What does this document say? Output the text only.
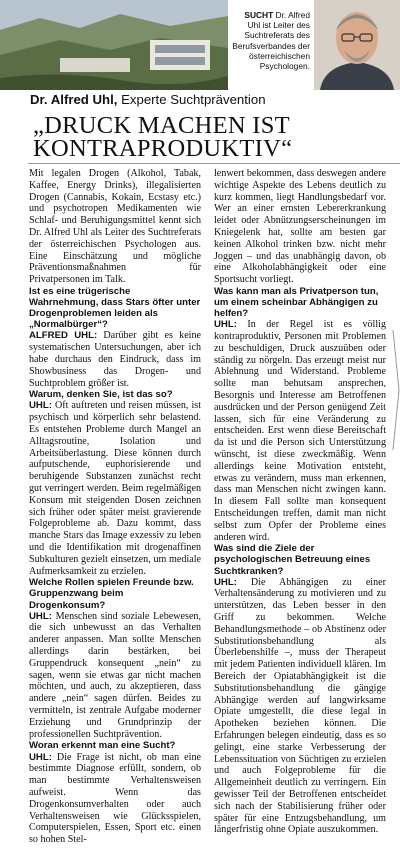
SUCHT Dr. Alfred Uhl ist Leiter des Suchtreferats des Berufsverbandes der österreichischen Psychologen.
Dr. Alfred Uhl, Experte Suchtprävention
„DRUCK MACHEN IST KONTRAPRODUKTIV“

Mit legalen Drogen (Alkohol, Tabak, Kaffee, Energy Drinks), illegalisierten Drogen (Cannabis, Kokain, Ecstasy etc.) und psychotropen Medikamenten wie Schlaf- und Beruhigungsmittel kennt sich Dr. Alfred Uhl als Leiter des Suchtreferats der österreichischen Psychologen aus. Eine Einschätzung und mögliche Präventionsmaßnahmen für Privatpersonen im Talk.

Ist es eine trügerische Wahrnehmung, dass Stars öfter unter Drogenproblemen leiden als „Normalbürger“?

ALFRED UHL: Darüber gibt es keine systematischen Untersuchungen, aber ich habe durchaus den Eindruck, dass im Showbusiness das Drogen- und Suchtproblem größer ist.

Warum, denken Sie, ist das so?

UHL: Oft auftreten und reisen müssen, ist psychisch und körperlich sehr belastend. Es entstehen Probleme durch Mangel an Alltagsroutine, Isolation und Arbeitsüberlastung. Diese können durch aufputschende, euphorisierende und beruhigende Substanzen zunächst recht gut verringert werden. Beim regelmäßigen Konsum mit steigenden Dosen zeichnen sich früher oder später meist gravierende Folgeprobleme ab. Dazu kommt, dass manche Stars das Image exzessiv zu leben und die Identifikation mit drogenaffinen Subkulturen gezielt einsetzen, um mediale Aufmerksamkeit zu erzielen.

Welche Rollen spielen Freunde bzw. Gruppenzwang beim Drogenkonsum?

UHL: Menschen sind soziale Lebewesen, die sich unbewusst an das Verhalten anderer anpassen. Man sollte Menschen allerdings darin bestärken, bei Gruppendruck konsequent „nein“ zu sagen, wenn sie etwas gar nicht machen möchten, und auch, zu akzeptieren, dass andere „nein“ sagen dürfen. Beides zu vermitteln, ist zentrale Aufgabe moderner Erziehung und Grundprinzip der professionellen Suchtprävention.

Woran erkennt man eine Sucht?

UHL: Die Frage ist nicht, ob man eine bestimmte Diagnose erfüllt, sondern, ob man bestimmte Verhaltensweisen aufweist. Wenn das Drogenkonsumverhalten oder auch Verhaltensweisen wie Glücksspielen, Computerspielen, Essen, Sport etc. einen so hohen Stel-

lenwert bekommen, dass deswegen andere wichtige Aspekte des Lebens deutlich zu kurz kommen, liegt Handlungsbedarf vor. Wer an einer ernsten Lebererkrankung leidet oder Abnützungserscheinungen im Kniegelenk hat, sollte am besten gar keinen Alkohol trinken bzw. nicht mehr Joggen – und das unabhängig davon, ob eine Alkoholabhängigkeit oder eine Sportsucht vorliegt.

Was kann man als Privatperson tun, um einem scheinbar Abhängigen zu helfen?

UHL: In der Regel ist es völlig kontraproduktiv, Personen mit Problemen zu beschuldigen, Druck auszuüben oder ständig zu nörgeln. Das erzeugt meist nur Ablehnung und Widerstand. Probleme sollte man behutsam ansprechen, Besorgnis und Interesse am Betroffenen ausdrücken und der Person genügend Zeit lassen, sich für eine Veränderung zu entscheiden. Erst wenn diese Bereitschaft da ist und die Person sich Unterstützung wünscht, ist diese zweckmäßig. Wenn allerdings keine Motivation entsteht, etwas zu verändern, muss man erkennen, dass man Menschen nicht zwingen kann. In diesem Fall sollte man konsequent Entscheidungen treffen, damit man nicht selbst zum Opfer der Probleme eines anderen wird.

Was sind die Ziele der psychologischen Betreuung eines Suchtkranken?

UHL: Die Abhängigen zu einer Verhaltensänderung zu motivieren und zu unterstützen, das Leben besser in den Griff zu bekommen. Welche Behandlungsmethode – ob Abstinenz oder Substitutionsbehandlung als Überlebenshilfe –, muss der Therapeut mit jedem Patienten individuell klären. Im Bereich der Opiatabhängigkeit ist die Substitutionsbehandlung die gängige Abhängige werden auf langwirksame Opiate umgestellt, die diese legal in Apotheken beziehen können. Die Erfahrungen belegen eindeutig, dass es so gelingt, eine starke Verbesserung der Lebenssituation von Süchtigen zu erzielen und auch Folgeprobleme für die Allgemeinheit deutlich zu verringern. Ein gewisser Teil der Betroffenen entscheidet sich nach der Stabilisierung früher oder später für eine Entzugsbehandlung, um längerfristig ohne Opiate auszukommen.
